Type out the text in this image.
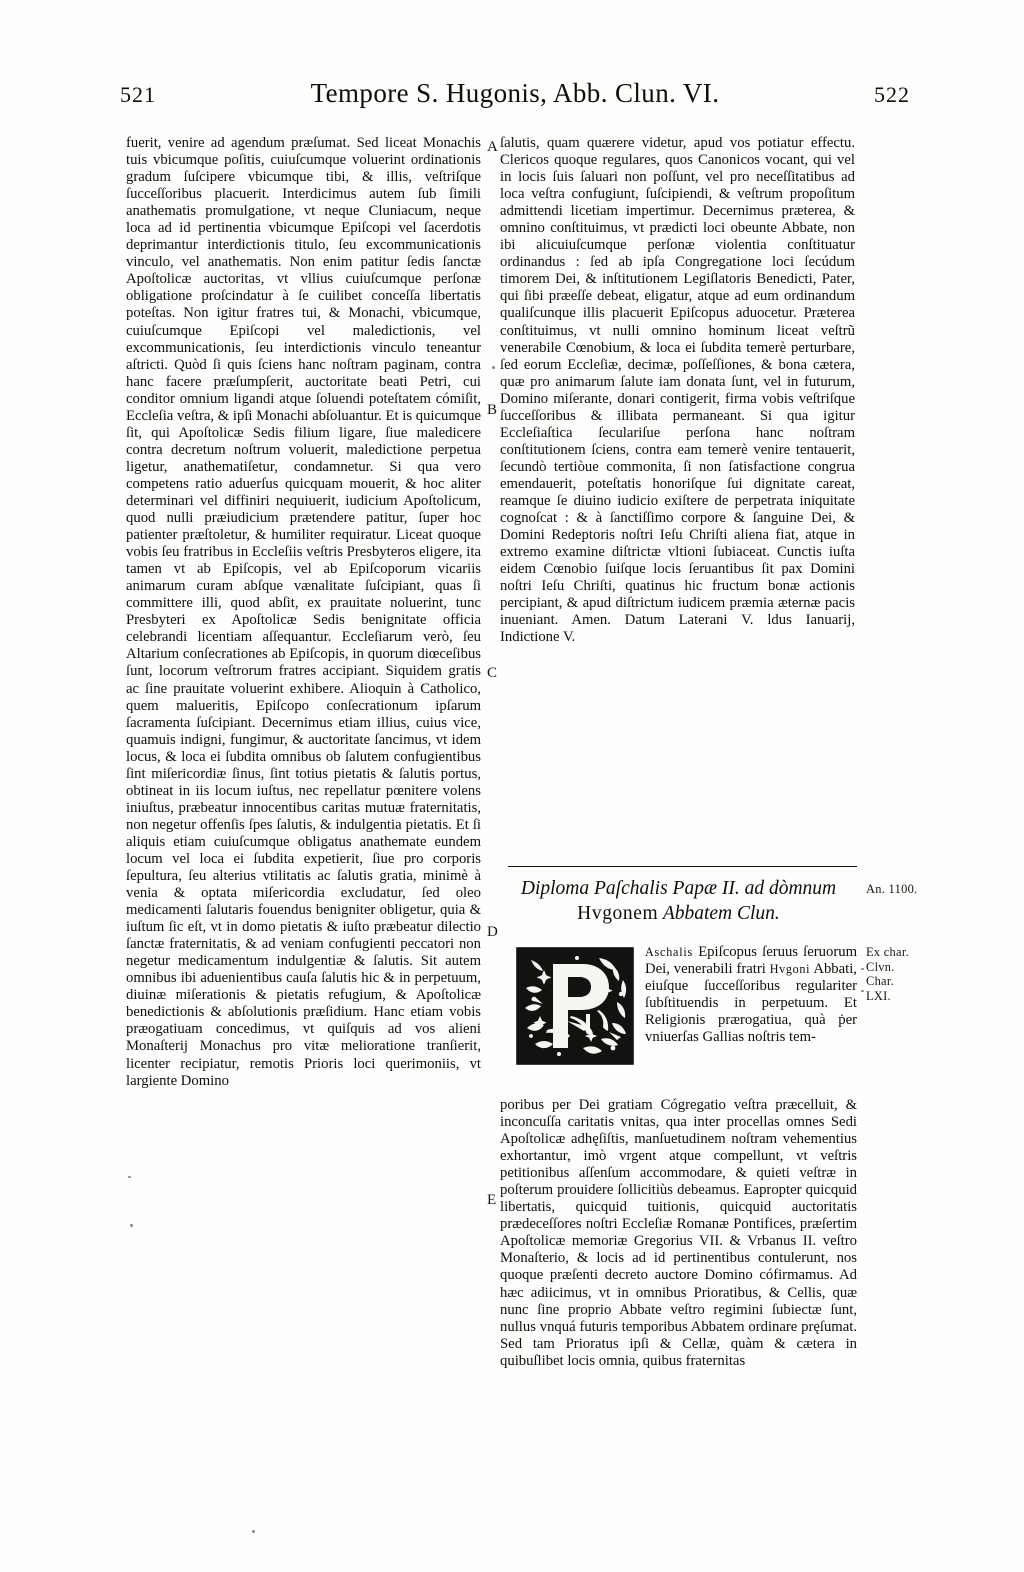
521	Tempore S. Hugonis, Abb. Clun. VI.	522

fuerit, venire ad agendum præſumat. Sed liceat Monachis tuis vbicumque poſitis, cuiuſcumque voluerint ordinationis gradum ſuſcipere vbicumque tibi, & illis, veſtriſque ſucceſſoribus placuerit. Interdicimus autem ſub ſimili anathematis promulgatione, vt neque Cluniacum, neque loca ad id pertinentia vbicumque Epiſcopi vel ſacerdotis deprimantur interdictionis titulo, ſeu excommunicationis vinculo, vel anathematis. Non enim patitur ſedis ſanctæ Apoſtolicæ auctoritas, vt vllius cuiuſcumque perſonæ obligatione proſcindatur à ſe cuilibet conceſſa libertatis poteſtas. Non igitur fratres tui, & Monachi, vbicumque, cuiuſcumque Epiſcopi vel maledictionis, vel excommunicationis, ſeu interdictionis vinculo teneantur aſtricti. Quòd ſi quis ſciens hanc noſtram paginam, contra hanc facere præſumpſerit, auctoritate beati Petri, cui conditor omnium ligandi atque ſoluendi poteſtatem cómiſit, Eccleſia veſtra, & ipſi Monachi abſoluantur. Et is quicumque ſit, qui Apoſtolicæ Sedis filium ligare, ſiue maledicere contra decretum noſtrum voluerit, maledictione perpetua ligetur, anathematiſetur, condamnetur. Si qua vero competens ratio aduerſus quicquam mouerit, & hoc aliter determinari vel diffiniri nequiuerit, iudicium Apoſtolicum, quod nulli præiudicium prætendere patitur, ſuper hoc patienter præſtoletur, & humiliter requiratur. Liceat quoque vobis ſeu fratribus in Eccleſiis veſtris Presbyteros eligere, ita tamen vt ab Epiſcopis, vel ab Epiſcoporum vicariis animarum curam abſque vænalitate ſuſcipiant, quas ſi committere illi, quod abſit, ex prauitate noluerint, tunc Presbyteri ex Apoſtolicæ Sedis benignitate officia celebrandi licentiam aſſequantur. Eccleſiarum verò, ſeu Altarium conſecrationes ab Epiſcopis, in quorum diœceſibus ſunt, locorum veſtrorum fratres accipiant. Siquidem gratis ac ſine prauitate voluerint exhibere. Alioquin à Catholico, quem malueritis, Epiſcopo conſecrationum ipſarum ſacramenta ſuſcipiant. Decernimus etiam illius, cuius vice, quamuis indigni, fungimur, & auctoritate ſancimus, vt idem locus, & loca ei ſubdita omnibus ob ſalutem confugientibus ſint miſericordiæ ſinus, ſint totius pietatis & ſalutis portus, obtineat in iis locum iuſtus, nec repellatur pœnitere volens iniuſtus, præbeatur innocentibus caritas mutuæ fraternitatis, non negetur offenſis ſpes ſalutis, & indulgentia pietatis. Et ſi aliquis etiam cuiuſcumque obligatus anathemate eundem locum vel loca ei ſubdita expetierit, ſiue pro corporis ſepultura, ſeu alterius vtilitatis ac ſalutis gratia, minimè à venia & optata miſericordia excludatur, ſed oleo medicamenti ſalutaris fouendus benigniter obligetur, quia & iuſtum ſic eſt, vt in domo pietatis & iuſto præbeatur dilectio ſanctæ fraternitatis, & ad veniam confugienti peccatori non negetur medicamentum indulgentiæ & ſalutis. Sit autem omnibus ibi aduenientibus cauſa ſalutis hic & in perpetuum, diuinæ miſerationis & pietatis refugium, & Apoſtolicæ benedictionis & abſolutionis præſidium. Hanc etiam vobis præogatiuam concedimus, vt quiſquis ad vos alieni Monaſterij Monachus pro vitæ melioratione tranſierit, licenter recipiatur, remotis Prioris loci querimoniis, vt largiente Domino

ſalutis, quam quærere videtur, apud vos potiatur effectu. Clericos quoque regulares, quos Canonicos vocant, qui vel in locis ſuis ſaluari non poſſunt, vel pro neceſſitatibus ad loca veſtra confugiunt, ſuſcipiendi, & veſtrum propoſitum admittendi licetiam impertimur. Decernimus præterea, & omnino conſtituimus, vt prædicti loci obeunte Abbate, non ibi alicuiuſcumque perſonæ violentia conſtituatur ordinandus : ſed ab ipſa Congregatione loci ſecúdum timorem Dei, & inſtitutionem Legiſlatoris Benedicti, Pater, qui ſibi præeſſe debeat, eligatur, atque ad eum ordinandum qualiſcunque illis placuerit Epiſcopus aduocetur. Præterea conſtituimus, vt nulli omnino hominum liceat veſtrũ venerabile Cœnobium, & loca ei ſubdita temerè perturbare, ſed eorum Eccleſiæ, decimæ, poſſeſſiones, & bona cætera, quæ pro animarum ſalute iam donata ſunt, vel in futurum, Domino miſerante, donari contigerit, firma vobis veſtriſque ſucceſſoribus & illibata permaneant. Si qua igitur Eccleſiaſtica ſeculariſue perſona hanc noſtram conſtitutionem ſciens, contra eam temerè venire tentauerit, ſecundò tertiòue commonita, ſi non ſatisfactione congrua emendauerit, poteſtatis honoriſque ſui dignitate careat, reamque ſe diuino iudicio exiſtere de perpetrata iniquitate cognoſcat : & à ſanctiſſimo corpore & ſanguine Dei, & Domini Redeptoris noſtri Ieſu Chriſti aliena fiat, atque in extremo examine diſtrictæ vltioni ſubiaceat. Cunctis iuſta eidem Cœnobio ſuiſque locis ſeruantibus ſit pax Domini noſtri Ieſu Chriſti, quatinus hic fructum bonæ actionis percipiant, & apud diſtrictum iudicem præmia æternæ pacis inueniant. Amen. Datum Laterani V. ldus Ianuarij, Indictione V.

A
B
C
D
E
Diploma Paſchalis Papæ II. ad dòmnum
Hvgonem Abbatem Clun.
An. 1100.
Ex char.
Clvn.
Char.
LXI.
Aschalis Epiſcopus ſeruus ſeruorum Dei, venerabili fratri Hvgoni Abbati, eiuſque ſucceſſoribus regulariter ſubſtituendis in perpetuum. Et Religionis prærogatiua, quà ṗer vniuerſas Gallias noſtris tem-

poribus per Dei gratiam Cógregatio veſtra præcelluit, & inconcuſſa caritatis vnitas, qua inter procellas omnes Sedi Apoſtolicæ adhęſiſtis, manſuetudinem noſtram vehementius exhortantur, imò vrgent atque compellunt, vt veſtris petitionibus aſſenſum accommodare, & quieti veſtræ in poſterum prouidere ſollicitiùs debeamus. Eapropter quicquid libertatis, quicquid tuitionis, quicquid auctoritatis prædeceſſores noſtri Eccleſiæ Romanæ Pontifices, præſertim Apoſtolicæ memoriæ Gregorius VII. & Vrbanus II. veſtro Monaſterio, & locis ad id pertinentibus contulerunt, nos quoque præſenti decreto auctore Domino cófirmamus. Ad hæc adiicimus, vt in omnibus Prioratibus, & Cellis, quæ nunc ſine proprio Abbate veſtro regimini ſubiectæ ſunt, nullus vnquá futuris temporibus Abbatem ordinare pręſumat. Sed tam Prioratus ipſi & Cellæ, quàm & cætera in quibuſlibet locis omnia, quibus fraternitas
